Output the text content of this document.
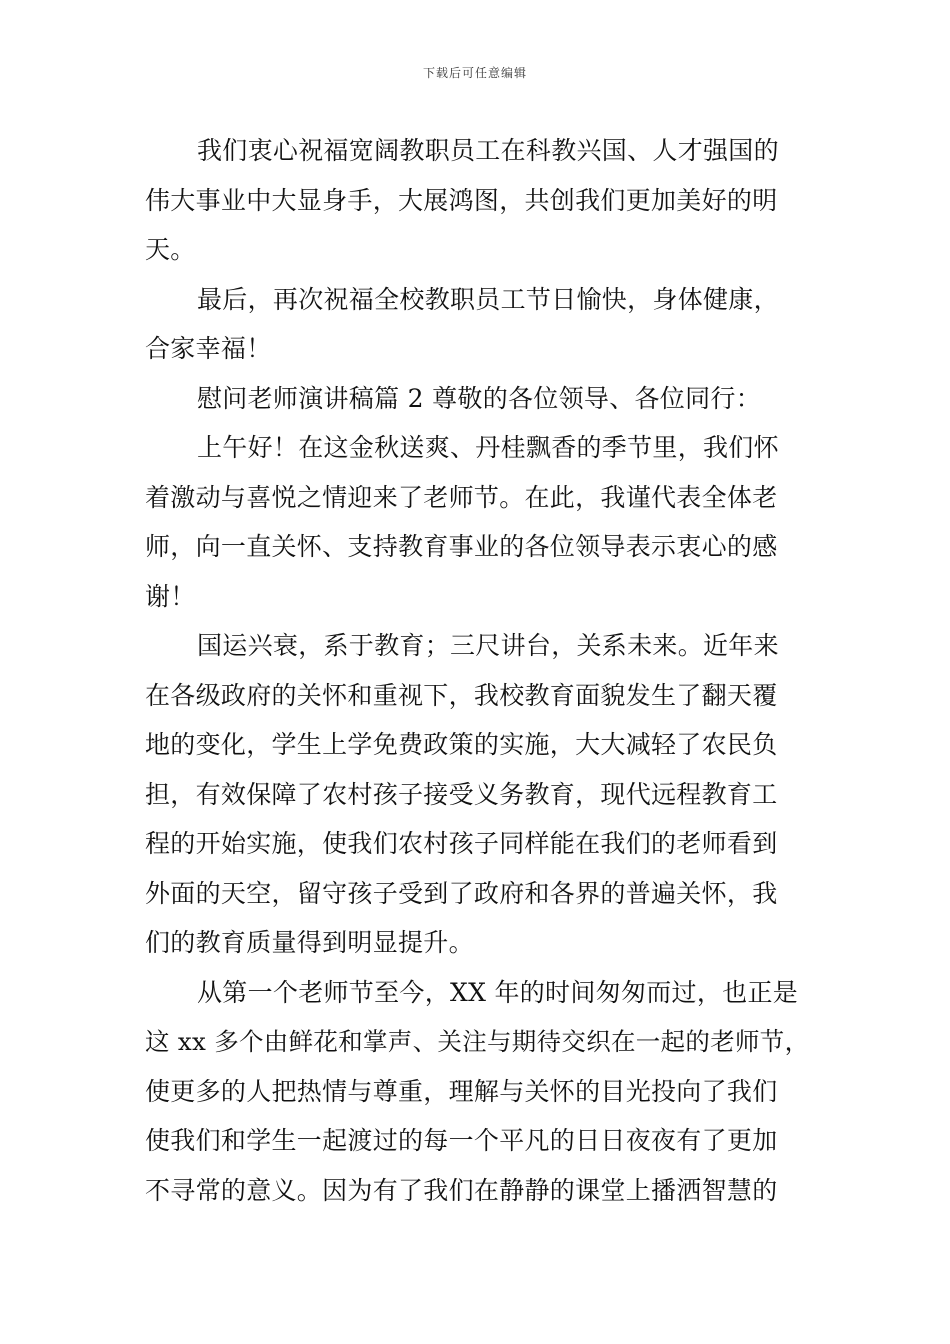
下载后可任意编辑
我们衷心祝福宽阔教职员工在科教兴国、人才强国的
伟大事业中大显身手，大展鸿图，共创我们更加美好的明
天。
最后，再次祝福全校教职员工节日愉快，身体健康，
合家幸福！
慰问老师演讲稿篇 2 尊敬的各位领导、各位同行：
上午好！在这金秋送爽、丹桂飘香的季节里，我们怀
着激动与喜悦之情迎来了老师节。在此，我谨代表全体老
师，向一直关怀、支持教育事业的各位领导表示衷心的感
谢！
国运兴衰，系于教育；三尺讲台，关系未来。近年来
在各级政府的关怀和重视下，我校教育面貌发生了翻天覆
地的变化，学生上学免费政策的实施，大大减轻了农民负
担，有效保障了农村孩子接受义务教育，现代远程教育工
程的开始实施，使我们农村孩子同样能在我们的老师看到
外面的天空，留守孩子受到了政府和各界的普遍关怀，我
们的教育质量得到明显提升。
从第一个老师节至今，XX 年的时间匆匆而过，也正是
这 xx 多个由鲜花和掌声、关注与期待交织在一起的老师节，
使更多的人把热情与尊重，理解与关怀的目光投向了我们
使我们和学生一起渡过的每一个平凡的日日夜夜有了更加
不寻常的意义。因为有了我们在静静的课堂上播洒智慧的
